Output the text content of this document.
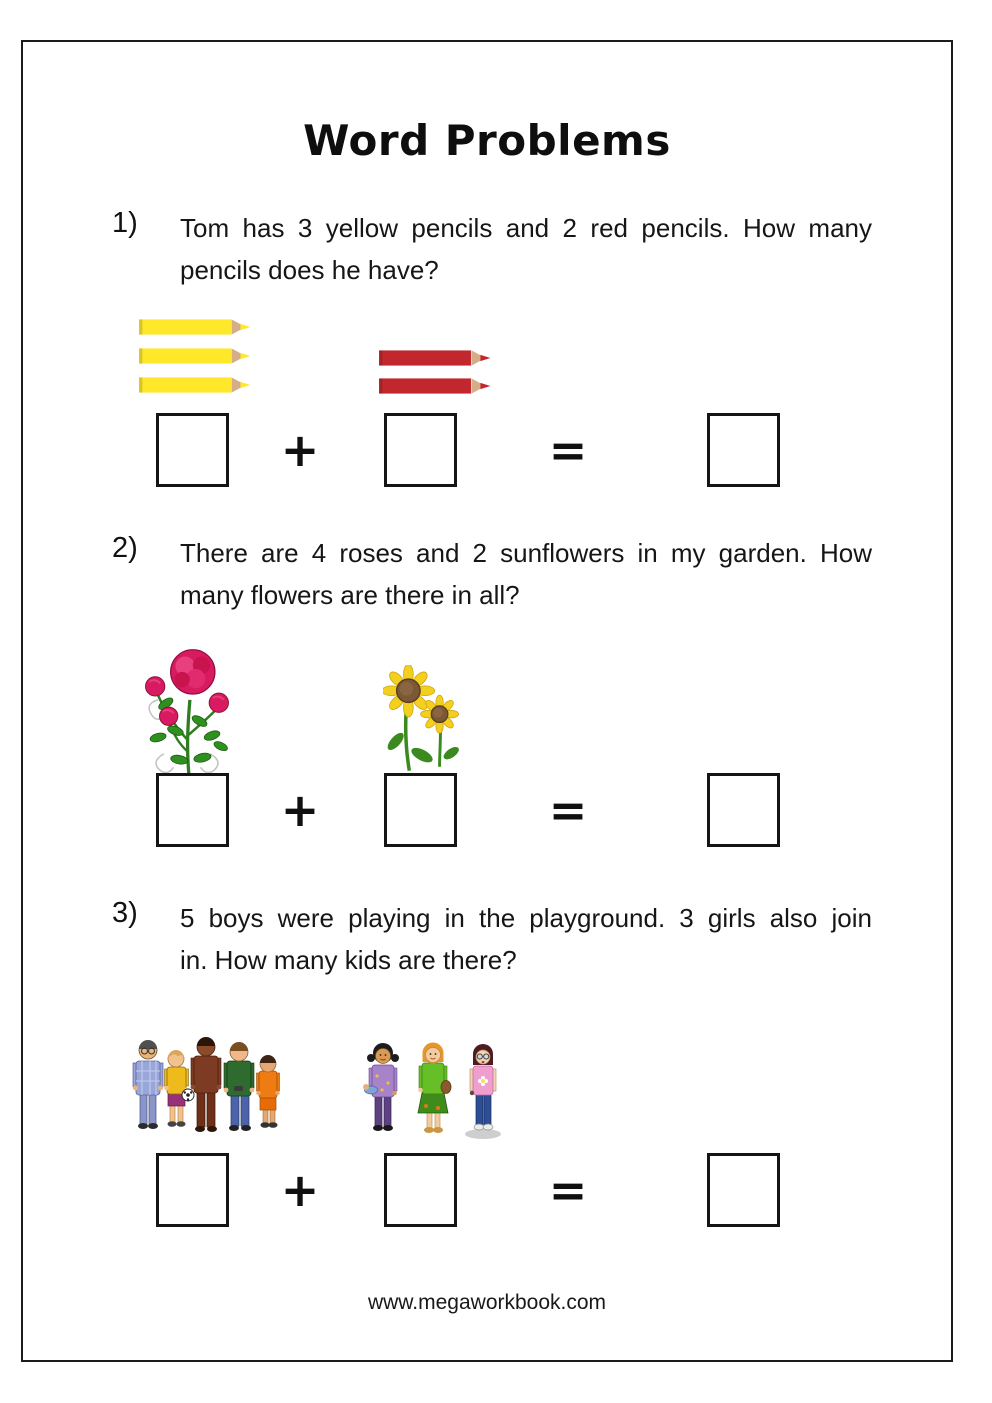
Word Problems
1) Tom has 3 yellow pencils and 2 red pencils. How many
pencils does he have?
+	=
2) There are 4 roses and 2 sunflowers in my garden. How
many flowers are there in all?
+	=
3) 5 boys were playing in the playground. 3 girls also join
in. How many kids are there?
+	=
www.megaworkbook.com
